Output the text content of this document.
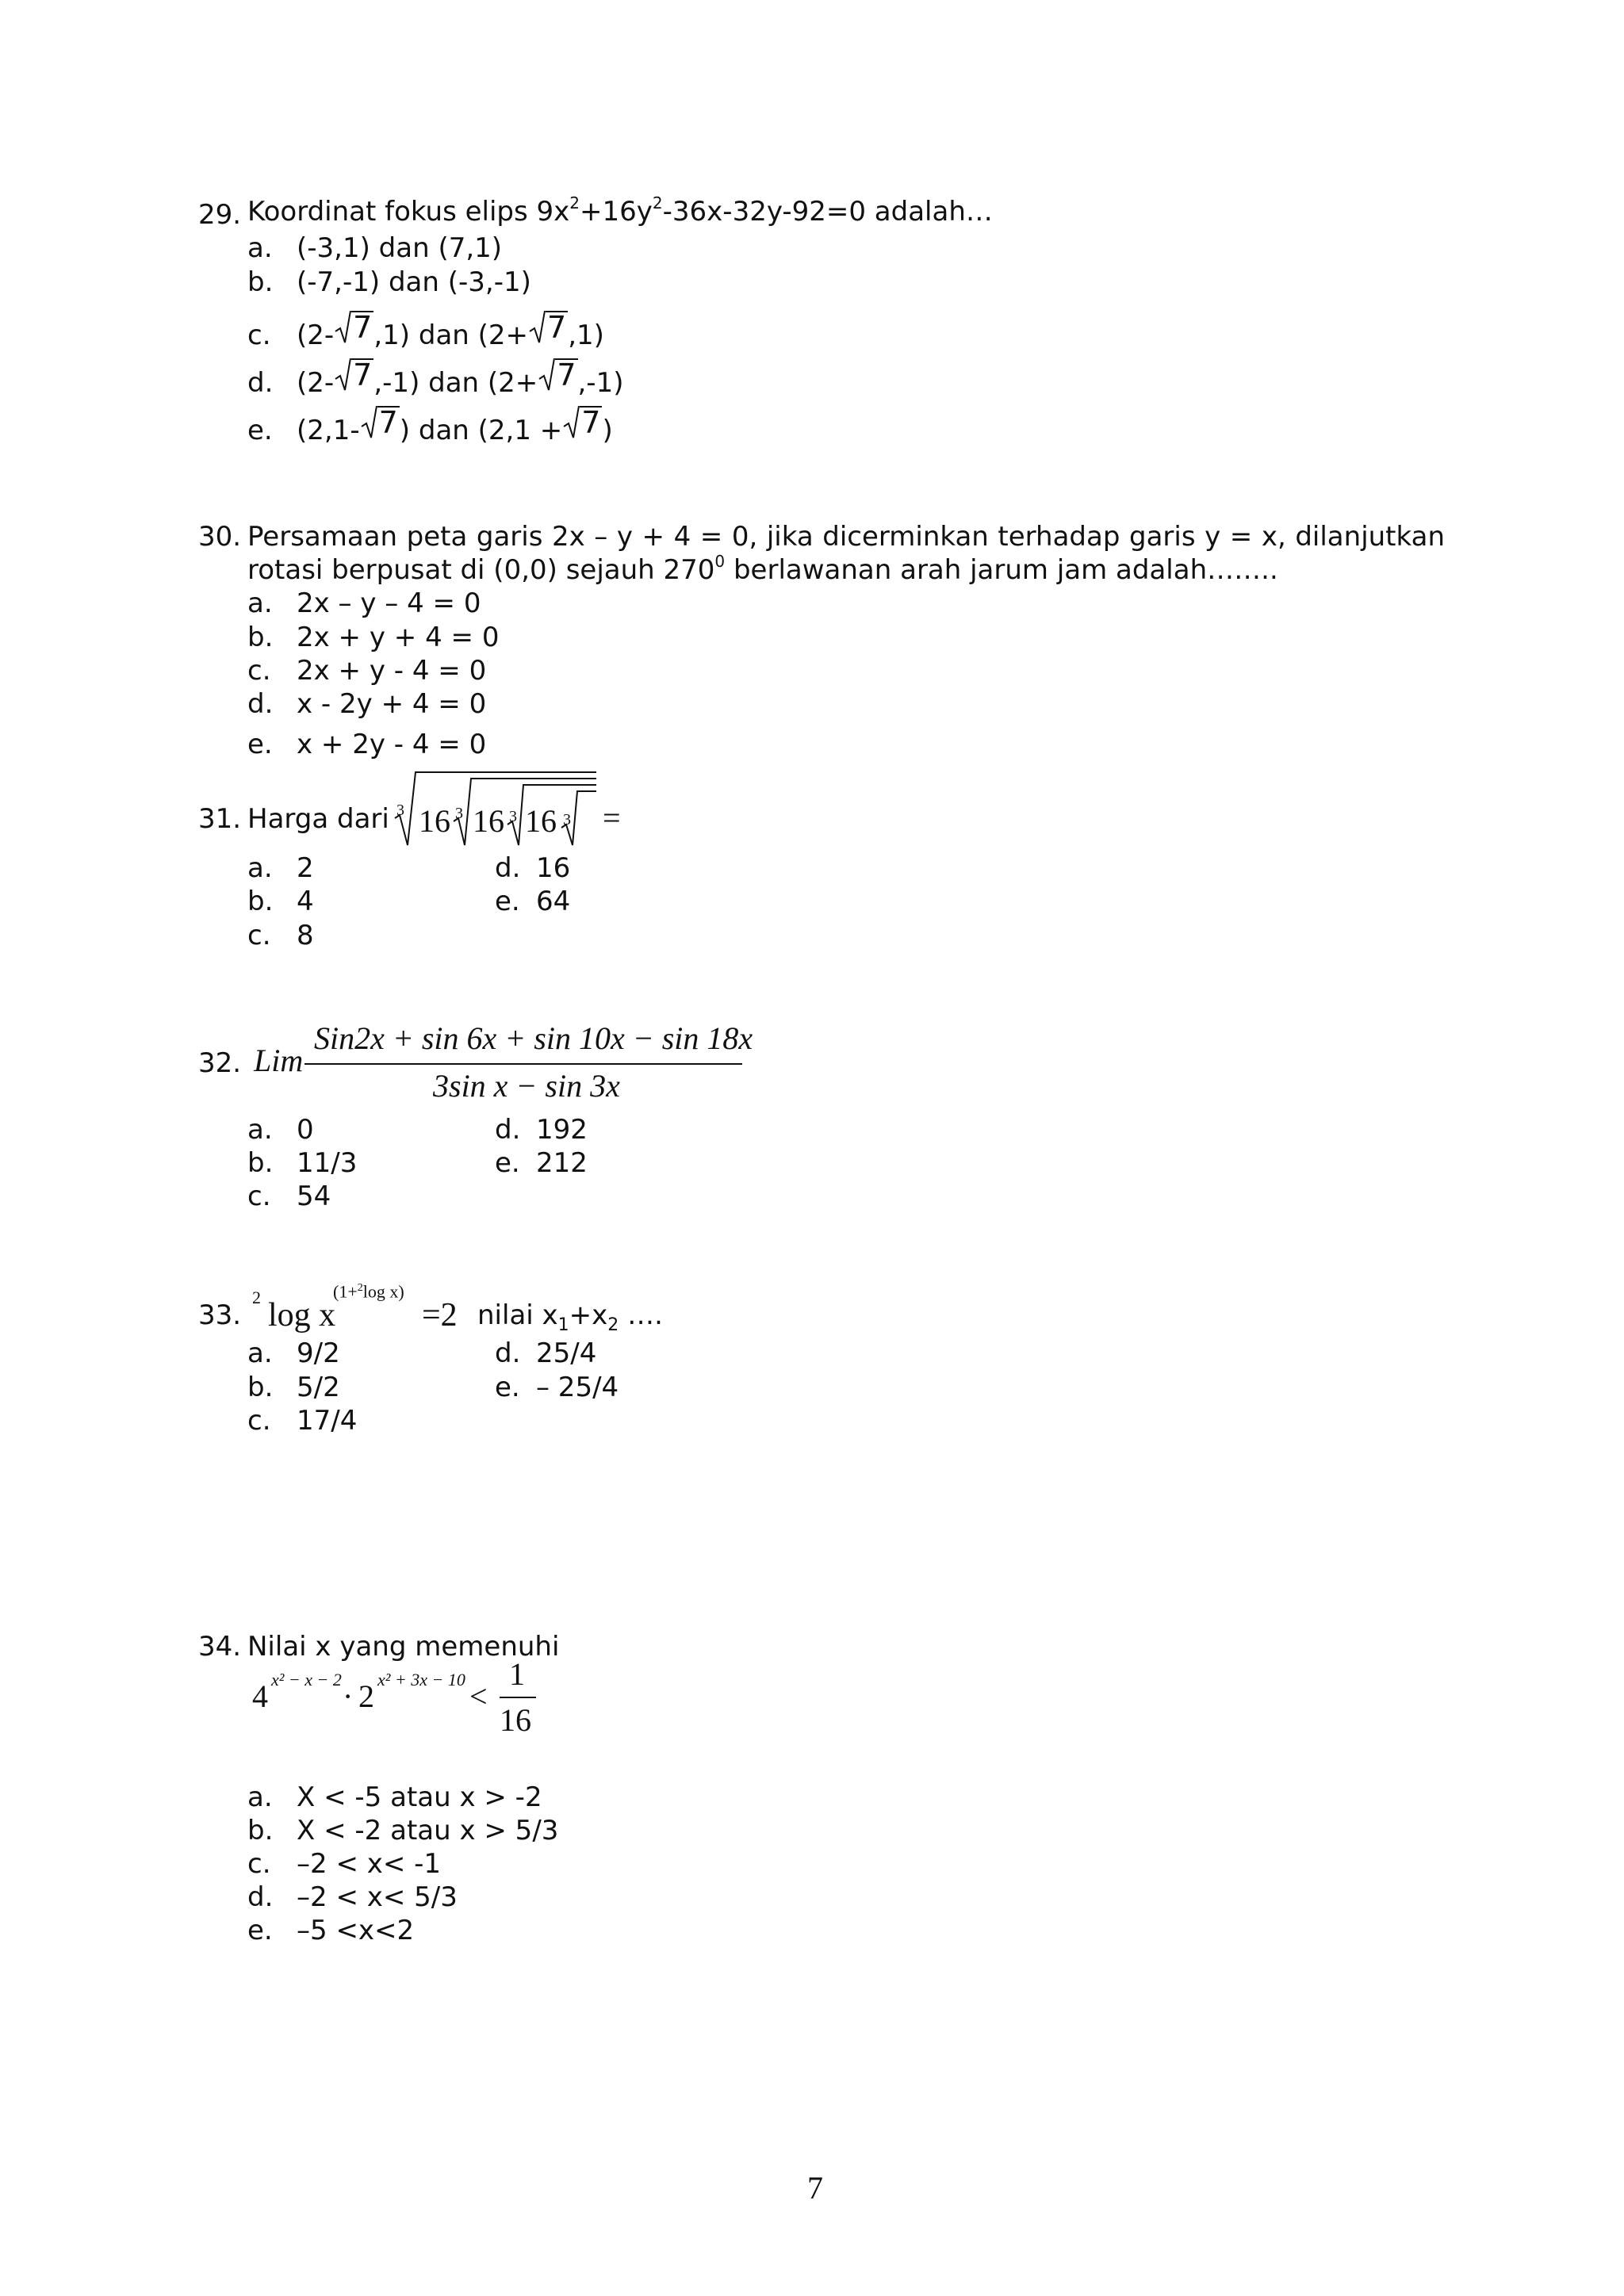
29. Koordinat fokus elips $9x^2+16y^2-36x-32y-92=0$ adalah…
a. (-3,1) dan (7,1)
b. (-7,-1) dan (-3,-1)
c. (2- 7 ,1) dan (2+ 7 ,1)
d. (2- 7 ,-1) dan (2+ 7 ,-1)
e. (2,1- 7 ) dan (2,1 + 7 )
30. Persamaan peta garis 2x – y + 4 = 0, jika dicerminkan terhadap garis y = x, dilanjutkan
rotasi berpusat di (0,0) sejauh $270^0$ berlawanan arah jarum jam adalah……..
a. 2x – y – 4 = 0
b. 2x + y + 4 = 0
c. 2x + y - 4 = 0
d. x - 2y + 4 = 0
e. x + 2y - 4 = 0
31. Harga dari 3 16 3 16 3 16 3 =
a. 2
b. 4
c. 8
d. 16
e. 64
32. Lim
Sin2x + sin 6x + sin 10x − sin 18x
3sin x − sin 3x
a. 0
b. 11/3
c. 54
d. 192
e. 212
33.
2 log x
(1+$^2$log x)
=2 nilai $x_1+x_2$ ….
a. 9/2
b. 5/2
c. 17/4
d. 25/4
e. – 25/4
34. Nilai x yang memenuhi
4 x² − x − 2 · 2 x² + 3x − 10 <
1
16
a. X < -5 atau x > -2
b. X < -2 atau x > 5/3
c. –2 < x< -1
d. –2 < x< 5/3
e. –5 <x<2
7
